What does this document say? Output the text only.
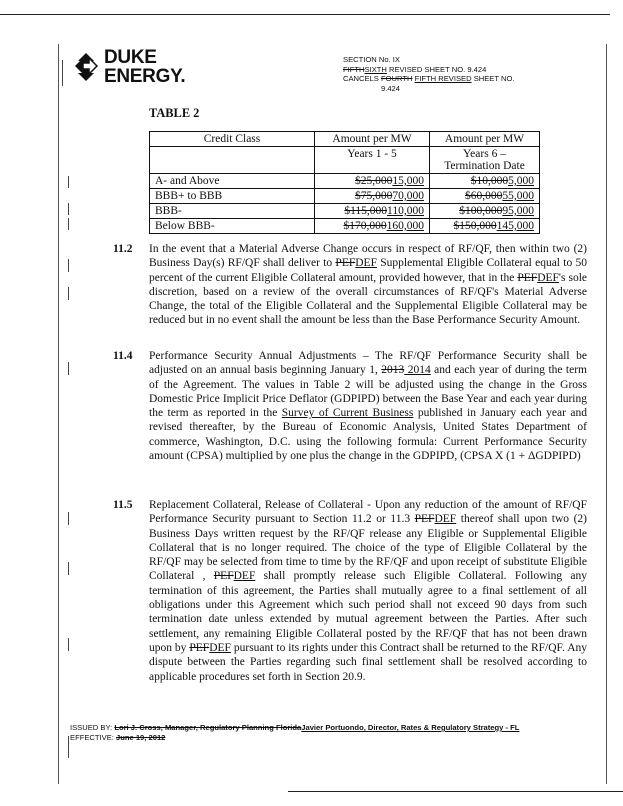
DUKE
ENERGY.
SECTION No. IX
FIFTHSIXTH REVISED SHEET NO. 9.424
CANCELS FOURTH FIFTH REVISED SHEET NO.
9.424
TABLE 2
Credit Class	Amount per MW	Amount per MW
	Years 1 - 5	Years 6 –
Termination Date

A- and Above	$25,00015,000	$10,0005,000
BBB+ to BBB	$75,00070,000	$60,00055,000
BBB-	$115,000110,000	$100,00095,000
Below BBB-	$170,000160,000	$150,000145,000
11.2 In the event that a Material Adverse Change occurs in respect of RF/QF, then within two (2) Business Day(s) RF/QF shall deliver to PEFDEF Supplemental Eligible Collateral equal to 50 percent of the current Eligible Collateral amount, provided however, that in the PEFDEF's sole discretion, based on a review of the overall circumstances of RF/QF's Material Adverse Change, the total of the Eligible Collateral and the Supplemental Eligible Collateral may be reduced but in no event shall the amount be less than the Base Performance Security Amount.
11.4 Performance Security Annual Adjustments – The RF/QF Performance Security shall be adjusted on an annual basis beginning January 1, 2013 2014 and each year of during the term of the Agreement. The values in Table 2 will be adjusted using the change in the Gross Domestic Price Implicit Price Deflator (GDPIPD) between the Base Year and each year during the term as reported in the Survey of Current Business published in January each year and revised thereafter, by the Bureau of Economic Analysis, United States Department of commerce, Washington, D.C. using the following formula: Current Performance Security amount (CPSA) multiplied by one plus the change in the GDPIPD, (CPSA X (1 + ΔGDPIPD)
11.5 Replacement Collateral, Release of Collateral - Upon any reduction of the amount of RF/QF Performance Security pursuant to Section 11.2 or 11.3 PEFDEF thereof shall upon two (2) Business Days written request by the RF/QF release any Eligible or Supplemental Eligible Collateral that is no longer required. The choice of the type of Eligible Collateral by the RF/QF may be selected from time to time by the RF/QF and upon receipt of substitute Eligible Collateral , PEFDEF shall promptly release such Eligible Collateral. Following any termination of this agreement, the Parties shall mutually agree to a final settlement of all obligations under this Agreement which such period shall not exceed 90 days from such termination date unless extended by mutual agreement between the Parties. After such settlement, any remaining Eligible Collateral posted by the RF/QF that has not been drawn upon by PEFDEF pursuant to its rights under this Contract shall be returned to the RF/QF. Any dispute between the Parties regarding such final settlement shall be resolved according to applicable procedures set forth in Section 20.9.
ISSUED BY: Lori J. Cross, Manager, Regulatory Planning FloridaJavier Portuondo, Director, Rates & Regulatory Strategy - FL
EFFECTIVE: June 19, 2012
